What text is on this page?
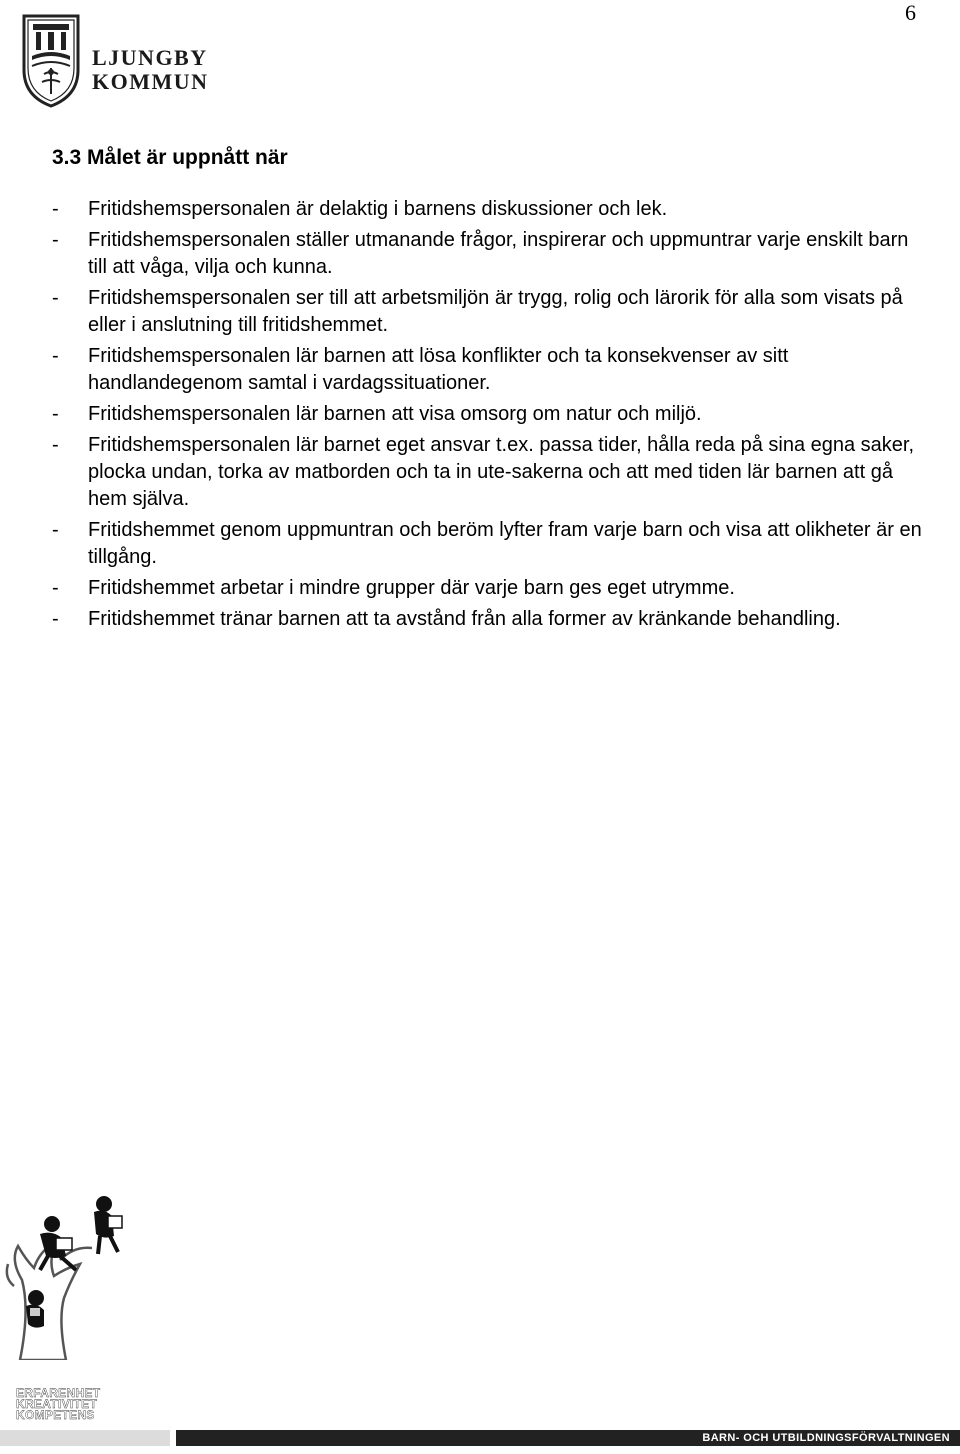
6
LJUNGBY
KOMMUN
3.3 Målet är uppnått när
- Fritidshemspersonalen är delaktig i barnens diskussioner och lek.
- Fritidshemspersonalen ställer utmanande frågor, inspirerar och uppmuntrar varje enskilt barn till att våga, vilja och kunna.
- Fritidshemspersonalen ser till att arbetsmiljön är trygg, rolig och lärorik för alla som visats på eller i anslutning till fritidshemmet.
- Fritidshemspersonalen lär barnen att lösa konflikter och ta konsekvenser av sitt handlandegenom samtal i vardagssituationer.
- Fritidshemspersonalen lär barnen att visa omsorg om natur och miljö.
- Fritidshemspersonalen lär barnet eget ansvar t.ex. passa tider, hålla reda på sina egna saker, plocka undan, torka av matborden och ta in ute-sakerna och att med tiden lär barnen att gå hem själva.
- Fritidshemmet genom uppmuntran och beröm lyfter fram varje barn och visa att olikheter är en tillgång.
- Fritidshemmet arbetar i mindre grupper där varje barn ges eget utrymme.
- Fritidshemmet tränar barnen att ta avstånd från alla former av kränkande behandling.
ERFARENHET
KREATIVITET
KOMPETENS
BARN- OCH UTBILDNINGSFÖRVALTNINGEN
